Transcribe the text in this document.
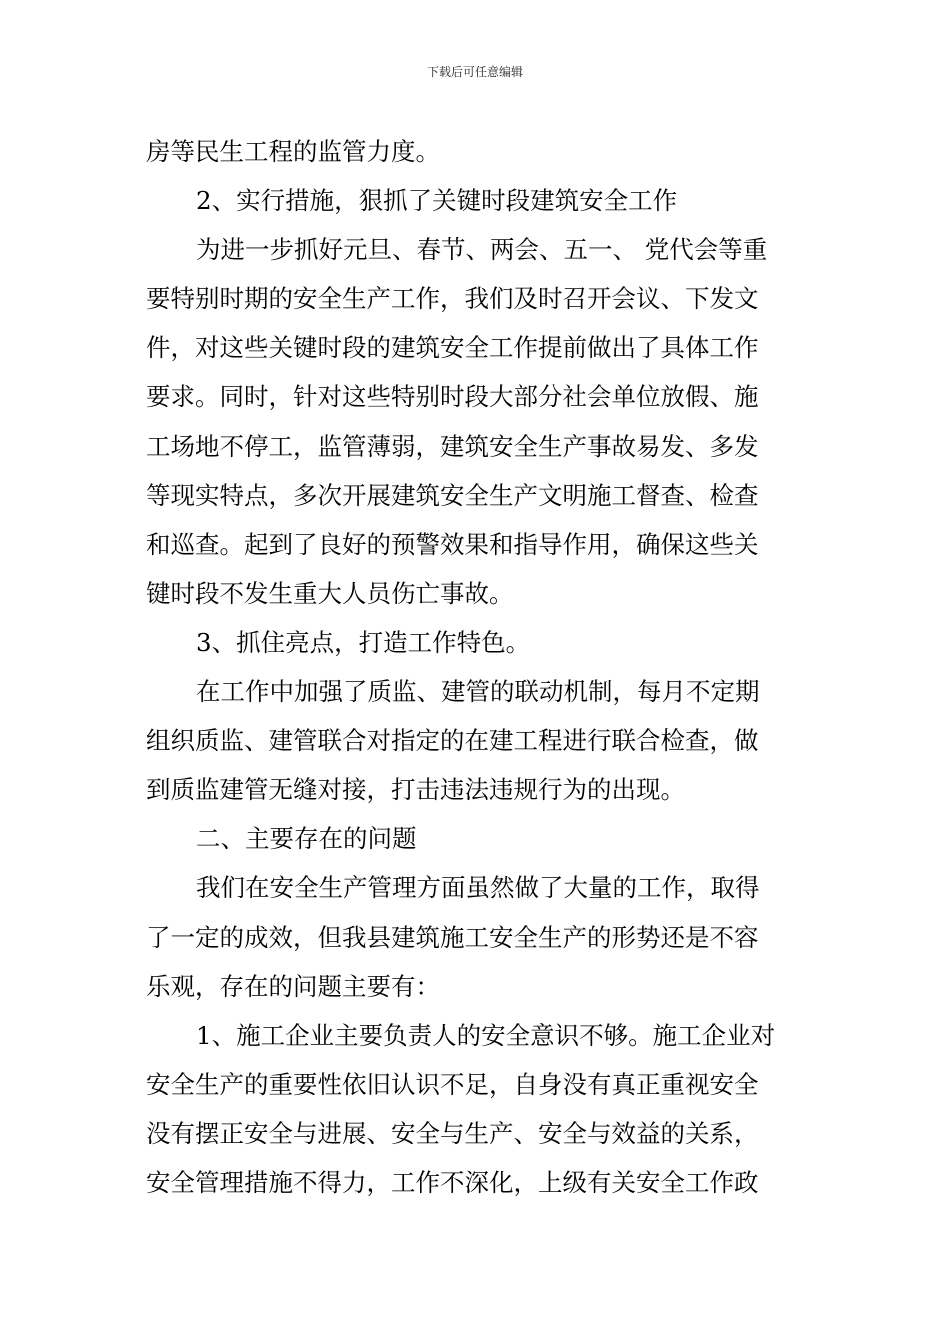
下载后可任意编辑
房等民生工程的监管力度。
2、实行措施，狠抓了关键时段建筑安全工作
为进一步抓好元旦、春节、两会、五一、 党代会等重
要特别时期的安全生产工作，我们及时召开会议、下发文
件，对这些关键时段的建筑安全工作提前做出了具体工作
要求。同时，针对这些特别时段大部分社会单位放假、施
工场地不停工，监管薄弱，建筑安全生产事故易发、多发
等现实特点，多次开展建筑安全生产文明施工督查、检查
和巡查。起到了良好的预警效果和指导作用，确保这些关
键时段不发生重大人员伤亡事故。
3、抓住亮点，打造工作特色。
在工作中加强了质监、建管的联动机制，每月不定期
组织质监、建管联合对指定的在建工程进行联合检查，做
到质监建管无缝对接，打击违法违规行为的出现。
二、主要存在的问题
我们在安全生产管理方面虽然做了大量的工作，取得
了一定的成效，但我县建筑施工安全生产的形势还是不容
乐观，存在的问题主要有：
1、施工企业主要负责人的安全意识不够。施工企业对
安全生产的重要性依旧认识不足，自身没有真正重视安全
没有摆正安全与进展、安全与生产、安全与效益的关系，
安全管理措施不得力，工作不深化，上级有关安全工作政
